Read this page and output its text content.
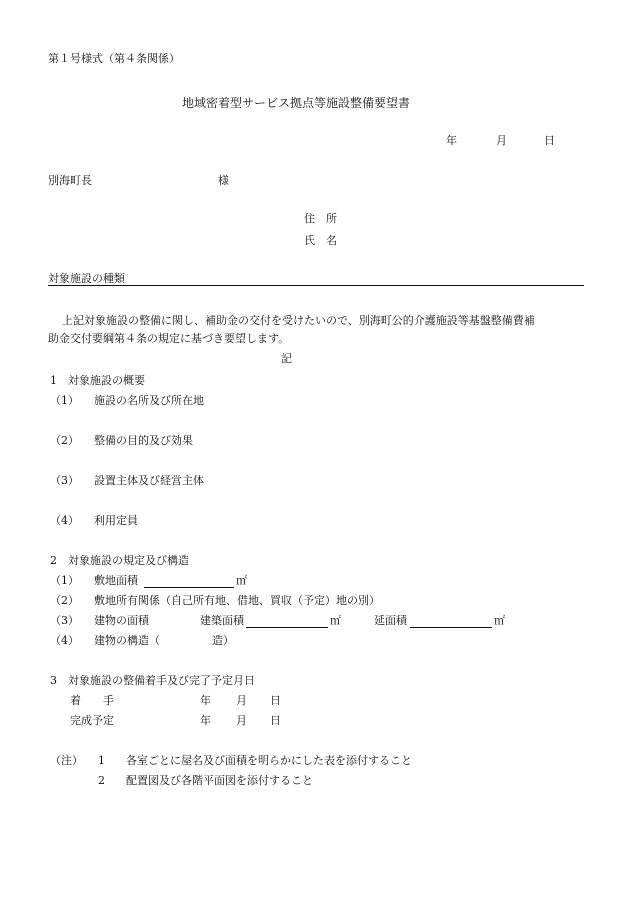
第１号様式（第４条関係）
地域密着型サービス拠点等施設整備要望書
年	月	日
別海町長	様
住　所
氏　名
対象施設の種類
上記対象施設の整備に関し、補助金の交付を受けたいので、別海町公的介護施設等基盤整備費補
助金交付要綱第４条の規定に基づき要望します。
記
1　対象施設の概要
（1） 施設の名所及び所在地
（2） 整備の目的及び効果
（3） 設置主体及び経営主体
（4） 利用定員
2　対象施設の規定及び構造
（1） 敷地面積	㎡
（2） 敷地所有関係（自己所有地、借地、買収（予定）地の別）
（3） 建物の面積	建築面積	㎡	延面積	㎡
（4） 建物の構造（	造）
3　対象施設の整備着手及び完了予定月日
着　　手	年 月 日
完成予定	年 月 日
（注） 1 各室ごとに屋名及び面積を明らかにした表を添付すること
2 配置図及び各階平面図を添付すること
